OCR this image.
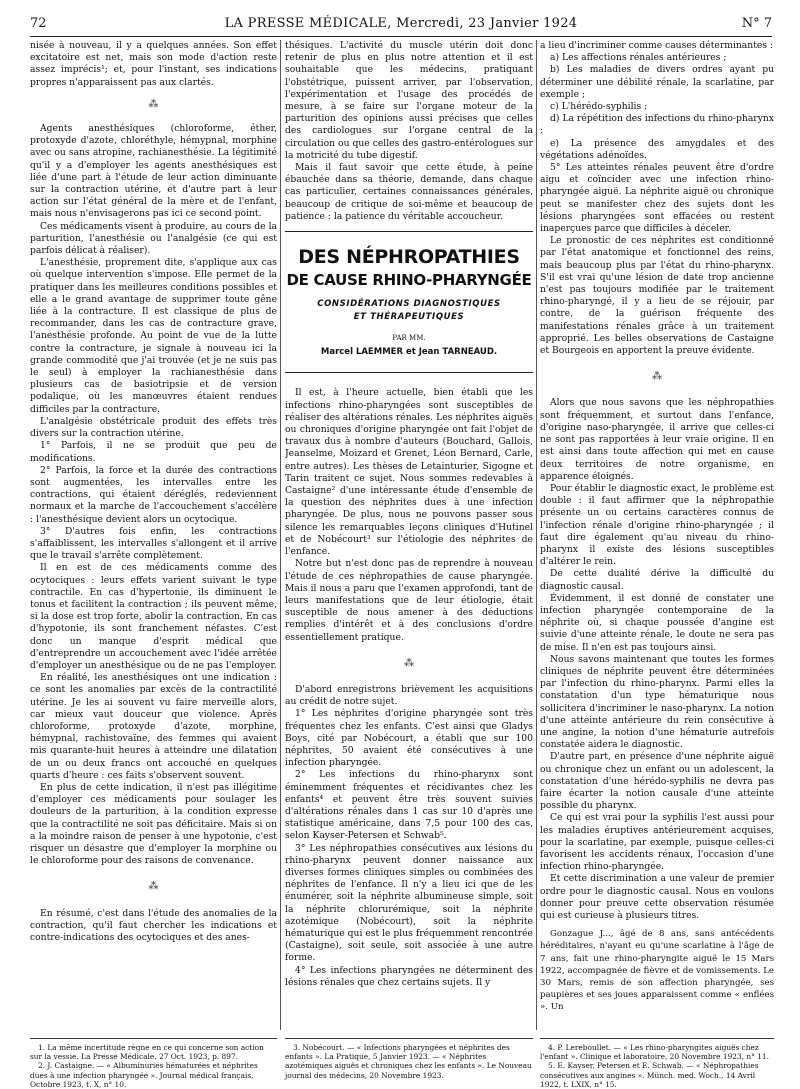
72	LA PRESSE MÉDICALE, Mercredi, 23 Janvier 1924	N° 7

nisée à nouveau, il y a quelques années. Son effet excitatoire est net, mais son mode d'action reste assez imprécis¹; et, pour l'instant, ses indications propres n'apparaissent pas aux clartés.

⁂

Agents anesthésiques (chloroforme, éther, protoxyde d'azote, chloréthyle, hémypnal, morphine avec ou sans atropine, rachianesthésie. La légitimité qu'il y a d'employer les agents anesthésiques est liée d'une part à l'étude de leur action diminuante sur la contraction utérine, et d'autre part à leur action sur l'état général de la mère et de l'enfant, mais nous n'envisagerons pas ici ce second point.

Ces médicaments visent à produire, au cours de la parturition, l'anesthésie ou l'analgésie (ce qui est parfois délicat à réaliser).

L'anesthésie, proprement dite, s'applique aux cas où quelque intervention s'impose. Elle permet de la pratiquer dans les meilleures conditions possibles et elle a le grand avantage de supprimer toute gêne liée à la contracture. Il est classique de plus de recommander, dans les cas de contracture grave, l'anesthésie profonde. Au point de vue de la lutte contre la contracture, je signale à nouveau ici la grande commodité que j'ai trouvée (et je ne suis pas le seul) à employer la rachianesthésie dans plusieurs cas de basiotripsie et de version podalique, où les manœuvres étaient rendues difficiles par la contracture.

L'analgésie obstétricale produit des effets très divers sur la contraction utérine.

1° Parfois, il ne se produit que peu de modifications.

2° Parfois, la force et la durée des contractions sont augmentées, les intervalles entre les contractions, qui étaient déréglés, redeviennent normaux et la marche de l'accouchement s'accélère : l'anesthésique devient alors un ocytocique.

3° D'autres fois enfin, les contractions s'affaiblissent, les intervalles s'allongent et il arrive que le travail s'arrête complètement.

Il en est de ces médicaments comme des ocytociques : leurs effets varient suivant le type contractile. En cas d'hypertonie, ils diminuent le tonus et facilitent la contraction ; ils peuvent même, si la dose est trop forte, abolir la contraction. En cas d'hypotonie, ils sont franchement néfastes. C'est donc un manque d'esprit médical que d'entreprendre un accouchement avec l'idée arrêtée d'employer un anesthésique ou de ne pas l'employer.

En réalité, les anesthésiques ont une indication : ce sont les anomalies par excès de la contractilité utérine. Je les ai souvent vu faire merveille alors, car mieux vaut douceur que violence. Après chloroforme, protoxyde d'azote, morphine, hémypnal, rachistovaïne, des femmes qui avaient mis quarante-huit heures à atteindre une dilatation de un ou deux francs ont accouché en quelques quarts d'heure : ces faits s'observent souvent.

En plus de cette indication, il n'est pas illégitime d'employer ces médicaments pour soulager les douleurs de la parturition, à la condition expresse que la contractilité ne soit pas déficitaire. Mais si on a la moindre raison de penser à une hypotonie, c'est risquer un désastre que d'employer la morphine ou le chloroforme pour des raisons de convenance.

⁂

En résumé, c'est dans l'étude des anomalies de la contraction, qu'il faut chercher les indications et contre-indications des ocytociques et des anes-

thésiques. L'activité du muscle utérin doit donc retenir de plus en plus notre attention et il est souhaitable que les médecins, pratiquant l'obstétrique, puissent arriver, par l'observation, l'expérimentation et l'usage des procédés de mesure, à se faire sur l'organe moteur de la parturition des opinions aussi précises que celles des cardiologues sur l'organe central de la circulation ou que celles des gastro-entérologues sur la motricité du tube digestif.

Mais il faut savoir que cette étude, à peine ébauchée dans sa théorie, demande, dans chaque cas particulier, certaines connaissances générales, beaucoup de critique de soi-même et beaucoup de patience : la patience du véritable accoucheur.

DES NÉPHROPATHIES
DE CAUSE RHINO-PHARYNGÉE
CONSIDÉRATIONS DIAGNOSTIQUES
ET THÉRAPEUTIQUES
PAR MM.
Marcel LAEMMER et Jean TARNEAUD.

Il est, à l'heure actuelle, bien établi que les infections rhino-pharyngées sont susceptibles de réaliser des altérations rénales. Les néphrites aiguës ou chroniques d'origine pharyngée ont fait l'objet de travaux dus à nombre d'auteurs (Bouchard, Gallois, Jeanselme, Moizard et Grenet, Léon Bernard, Carle, entre autres). Les thèses de Letainturier, Sigogne et Tarin traitent ce sujet. Nous sommes redevables à Castaigne² d'une intéressante étude d'ensemble de la question des néphrites dues à une infection pharyngée. De plus, nous ne pouvons passer sous silence les remarquables leçons cliniques d'Hutinel et de Nobécourt³ sur l'étiologie des néphrites de l'enfance.

Notre but n'est donc pas de reprendre à nouveau l'étude de ces néphropathies de cause pharyngée. Mais il nous a paru que l'examen approfondi, tant de leurs manifestations que de leur étiologie, était susceptible de nous amener à des déductions remplies d'intérêt et à des conclusions d'ordre essentiellement pratique.

⁂

D'abord enregistrons brièvement les acquisitions au crédit de notre sujet.

1° Les néphrites d'origine pharyngée sont très fréquentes chez les enfants. C'est ainsi que Gladys Boys, cité par Nobécourt, a établi que sur 100 néphrites, 50 avaient été consécutives à une infection pharyngée.

2° Les infections du rhino-pharynx sont éminemment fréquentes et récidivantes chez les enfants⁴ et peuvent être très souvent suivies d'altérations rénales dans 1 cas sur 10 d'après une statistique américaine, dans 7,5 pour 100 des cas, selon Kayser-Petersen et Schwab⁵.

3° Les néphropathies consécutives aux lésions du rhino-pharynx peuvent donner naissance aux diverses formes cliniques simples ou combinées des néphrites de l'enfance. Il n'y a lieu ici que de les énumérer, soit la néphrite albumineuse simple, soit la néphrite chlorurémique, soit la néphrite azotémique (Nobécourt), soit la néphrite hématurique qui est le plus fréquemment rencontrée (Castaigne), soit seule, soit associée à une autre forme.

4° Les infections pharyngées ne déterminent des lésions rénales que chez certains sujets. Il y

a lieu d'incriminer comme causes déterminantes :

a) Les affections rénales antérieures ;

b) Les maladies de divers ordres ayant pu déterminer une débilité rénale, la scarlatine, par exemple ;

c) L'hérédo-syphilis ;

d) La répétition des infections du rhino-pharynx ;

e) La présence des amygdales et des végétations adénoïdes.

5° Les atteintes rénales peuvent être d'ordre aigu et coïncider avec une infection rhino-pharyngée aiguë. La néphrite aiguë ou chronique peut se manifester chez des sujets dont les lésions pharyngées sont effacées ou restent inaperçues parce que difficiles à déceler.

Le pronostic de ces néphrites est conditionné par l'état anatomique et fonctionnel des reins, mais beaucoup plus par l'état du rhino-pharynx. S'il est vrai qu'une lésion de date trop ancienne n'est pas toujours modifiée par le traitement rhino-pharyngé, il y a lieu de se réjouir, par contre, de la guérison fréquente des manifestations rénales grâce à un traitement approprié. Les belles observations de Castaigne et Bourgeois en apportent la preuve évidente.

⁂

Alors que nous savons que les néphropathies sont fréquemment, et surtout dans l'enfance, d'origine naso-pharyngée, il arrive que celles-ci ne sont pas rapportées à leur vraie origine. Il en est ainsi dans toute affection qui met en cause deux territoires de notre organisme, en apparence éloignés.

Pour établir le diagnostic exact, le problème est double : il faut affirmer que la néphropathie présente un ou certains caractères connus de l'infection rénale d'origine rhino-pharyngée ; il faut dire également qu'au niveau du rhino-pharynx il existe des lésions susceptibles d'altérer le rein.

De cette dualité dérive la difficulté du diagnostic causal.

Évidemment, il est donné de constater une infection pharyngée contemporaine de la néphrite où, si chaque poussée d'angine est suivie d'une atteinte rénale, le doute ne sera pas de mise. Il n'en est pas toujours ainsi.

Nous savons maintenant que toutes les formes cliniques de néphrite peuvent être déterminées par l'infection du rhino-pharynx. Parmi elles la constatation d'un type hématurique nous sollicitera d'incriminer le naso-pharynx. La notion d'une atteinte antérieure du rein consécutive à une angine, la notion d'une hématurie autrefois constatée aidera le diagnostic.

D'autre part, en présence d'une néphrite aiguë ou chronique chez un enfant ou un adolescent, la constatation d'une hérédo-syphilis ne devra pas faire écarter la notion causale d'une atteinte possible du pharynx.

Ce qui est vrai pour la syphilis l'est aussi pour les maladies éruptives antérieurement acquises, pour la scarlatine, par exemple, puisque celles-ci favorisent les accidents rénaux, l'occasion d'une infection rhino-pharyngée.

Et cette discrimination a une valeur de premier ordre pour le diagnostic causal. Nous en voulons donner pour preuve cette observation résumée qui est curieuse à plusieurs titres.

Gonzague J..., âgé de 8 ans, sans antécédents héréditaires, n'ayant eu qu'une scarlatine à l'âge de 7 ans, fait une rhino-pharyngite aiguë le 15 Mars 1922, accompagnée de fièvre et de vomissements. Le 30 Mars, remis de son affection pharyngée, ses paupières et ses joues apparaissent comme « enflées ». Un

1. La même incertitude règne en ce qui concerne son action sur la vessie. La Presse Médicale, 27 Oct. 1923, p. 897.

2. J. Castaigne. — « Albuminuries hématurées et néphrites dues à une infection pharyngée ». Journal médical français, Octobre 1923, t. X, n° 10.

3. Nobécourt. — « Infections pharyngées et néphrites des enfants ». La Pratique, 5 Janvier 1923. — « Néphrites azotémiques aiguës et chroniques chez les enfants ». Le Nouveau journal des médecins, 20 Novembre 1923.

4. P. Lereboullet. — « Les rhino-pharyngites aiguës chez l'enfant ». Clinique et laboratoire, 20 Novembre 1923, n° 11.

5. E. Kayser, Petersen et E. Schwab. — « Néphropathies consécutives aux angines ». Münch. med. Woch., 14 Avril 1922, t. LXIX, n° 15.
